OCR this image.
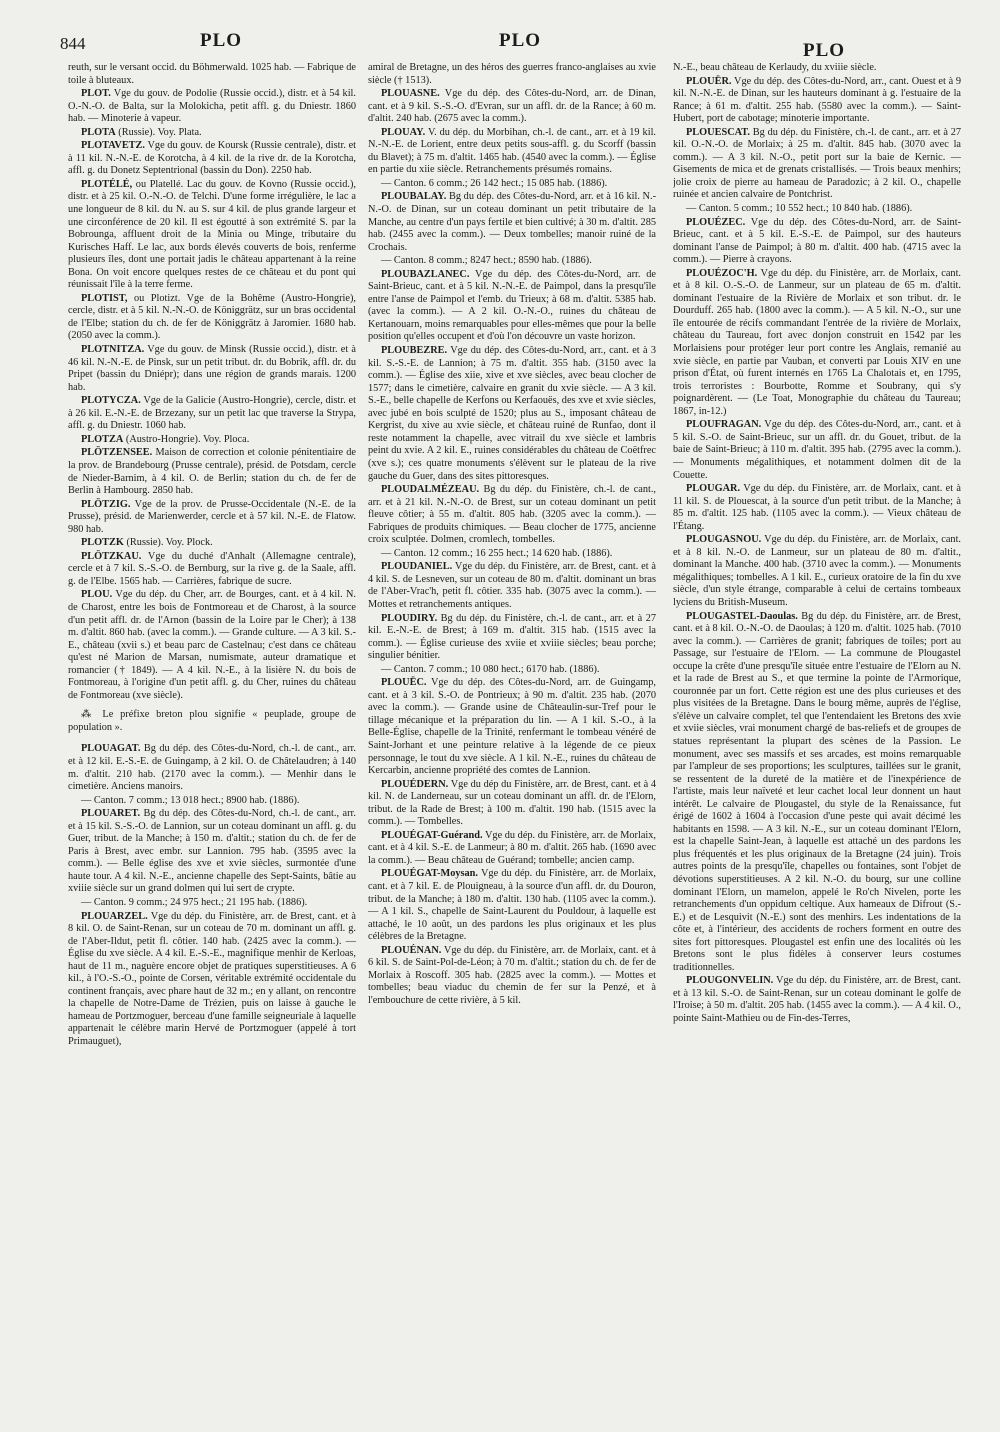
844	PLO	PLO	PLO

reuth, sur le versant occid. du Böhmerwald. 1025 hab. — Fabrique de toile à bluteaux.

PLOT. Vge du gouv. de Podolie (Russie occid.), distr. et à 54 kil. O.-N.-O. de Balta, sur la Molokicha, petit affl. g. du Dniestr. 1860 hab. — Minoterie à vapeur.

PLOTA (Russie). Voy. Plata.

PLOTAVETZ. Vge du gouv. de Koursk (Russie centrale), distr. et à 11 kil. N.-N.-E. de Korotcha, à 4 kil. de la rive dr. de la Korotcha, affl. g. du Donetz Septentrional (bassin du Don). 2250 hab.

PLOTÉLÉ, ou Platellé. Lac du gouv. de Kovno (Russie occid.), distr. et à 25 kil. O.-N.-O. de Telchi. D'une forme irrégulière, le lac a une longueur de 8 kil. du N. au S. sur 4 kil. de plus grande largeur et une circonférence de 20 kil. Il est égoutté à son extrémité S. par la Bobrounga, affluent droit de la Minia ou Minge, tributaire du Kurisches Haff. Le lac, aux bords élevés couverts de bois, renferme plusieurs îles, dont une portait jadis le château appartenant à la reine Bona. On voit encore quelques restes de ce château et du pont qui réunissait l'île à la terre ferme.

PLOTIST, ou Plotizt. Vge de la Bohême (Austro-Hongrie), cercle, distr. et à 5 kil. N.-N.-O. de Königgrätz, sur un bras occidental de l'Elbe; station du ch. de fer de Königgrätz à Jaromier. 1680 hab. (2050 avec la comm.).

PLOTNITZA. Vge du gouv. de Minsk (Russie occid.), distr. et à 46 kil. N.-N.-E. de Pinsk, sur un petit tribut. dr. du Bobrik, affl. dr. du Pripet (bassin du Dniépr); dans une région de grands marais. 1200 hab.

PLOTYCZA. Vge de la Galicie (Austro-Hongrie), cercle, distr. et à 26 kil. E.-N.-E. de Brzezany, sur un petit lac que traverse la Strypa, affl. g. du Dniestr. 1060 hab.

PLOTZA (Austro-Hongrie). Voy. Ploca.

PLÖTZENSEE. Maison de correction et colonie pénitentiaire de la prov. de Brandebourg (Prusse centrale), présid. de Potsdam, cercle de Nieder-Barnim, à 4 kil. O. de Berlin; station du ch. de fer de Berlin à Hambourg. 2850 hab.

PLÖTZIG. Vge de la prov. de Prusse-Occidentale (N.-E. de la Prusse), présid. de Marienwerder, cercle et à 57 kil. N.-E. de Flatow. 980 hab.

PLOTZK (Russie). Voy. Plock.

PLÖTZKAU. Vge du duché d'Anhalt (Allemagne centrale), cercle et à 7 kil. S.-S.-O. de Bernburg, sur la rive g. de la Saale, affl. g. de l'Elbe. 1565 hab. — Carrières, fabrique de sucre.

PLOU. Vge du dép. du Cher, arr. de Bourges, cant. et à 4 kil. N. de Charost, entre les bois de Fontmoreau et de Charost, à la source d'un petit affl. dr. de l'Arnon (bassin de la Loire par le Cher); à 138 m. d'altit. 860 hab. (avec la comm.). — Grande culture. — A 3 kil. S.-E., château (xvii s.) et beau parc de Castelnau; c'est dans ce château qu'est né Marion de Marsan, numismate, auteur dramatique et romancier († 1849). — A 4 kil. N.-E., à la lisière N. du bois de Fontmoreau, à l'origine d'un petit affl. g. du Cher, ruines du château de Fontmoreau (xve siècle).

⁂ Le préfixe breton plou signifie « peuplade, groupe de population ».

PLOUAGAT. Bg du dép. des Côtes-du-Nord, ch.-l. de cant., arr. et à 12 kil. E.-S.-E. de Guingamp, à 2 kil. O. de Châtelaudren; à 140 m. d'altit. 210 hab. (2170 avec la comm.). — Menhir dans le cimetière. Anciens manoirs.

— Canton. 7 comm.; 13 018 hect.; 8900 hab. (1886).

PLOUARET. Bg du dép. des Côtes-du-Nord, ch.-l. de cant., arr. et à 15 kil. S.-S.-O. de Lannion, sur un coteau dominant un affl. g. du Guer, tribut. de la Manche; à 150 m. d'altit.; station du ch. de fer de Paris à Brest, avec embr. sur Lannion. 795 hab. (3595 avec la comm.). — Belle église des xve et xvie siècles, surmontée d'une haute tour. A 4 kil. N.-E., ancienne chapelle des Sept-Saints, bâtie au xviiie siècle sur un grand dolmen qui lui sert de crypte.

— Canton. 9 comm.; 24 975 hect.; 21 195 hab. (1886).

PLOUARZEL. Vge du dép. du Finistère, arr. de Brest, cant. et à 8 kil. O. de Saint-Renan, sur un coteau de 70 m. dominant un affl. g. de l'Aber-Ildut, petit fl. côtier. 140 hab. (2425 avec la comm.). — Église du xve siècle. A 4 kil. E.-S.-E., magnifique menhir de Kerloas, haut de 11 m., naguère encore objet de pratiques superstitieuses. A 6 kil., à l'O.-S.-O., pointe de Corsen, véritable extrémité occidentale du continent français, avec phare haut de 32 m.; en y allant, on rencontre la chapelle de Notre-Dame de Trézien, puis on laisse à gauche le hameau de Portzmoguer, berceau d'une famille seigneuriale à laquelle appartenait le célèbre marin Hervé de Portzmoguer (appelé à tort Primauguet),

amiral de Bretagne, un des héros des guerres franco-anglaises au xvie siècle († 1513).

PLOUASNE. Vge du dép. des Côtes-du-Nord, arr. de Dinan, cant. et à 9 kil. S.-S.-O. d'Evran, sur un affl. dr. de la Rance; à 60 m. d'altit. 240 hab. (2675 avec la comm.).

PLOUAY. V. du dép. du Morbihan, ch.-l. de cant., arr. et à 19 kil. N.-N.-E. de Lorient, entre deux petits sous-affl. g. du Scorff (bassin du Blavet); à 75 m. d'altit. 1465 hab. (4540 avec la comm.). — Église en partie du xiie siècle. Retranchements présumés romains.

— Canton. 6 comm.; 26 142 hect.; 15 085 hab. (1886).

PLOUBALAY. Bg du dép. des Côtes-du-Nord, arr. et à 16 kil. N.-N.-O. de Dinan, sur un coteau dominant un petit tributaire de la Manche, au centre d'un pays fertile et bien cultivé; à 30 m. d'altit. 285 hab. (2455 avec la comm.). — Deux tombelles; manoir ruiné de la Crochais.

— Canton. 8 comm.; 8247 hect.; 8590 hab. (1886).

PLOUBAZLANEC. Vge du dép. des Côtes-du-Nord, arr. de Saint-Brieuc, cant. et à 5 kil. N.-N.-E. de Paimpol, dans la presqu'île entre l'anse de Paimpol et l'emb. du Trieux; à 68 m. d'altit. 5385 hab. (avec la comm.). — A 2 kil. O.-N.-O., ruines du château de Kertanouarn, moins remarquables pour elles-mêmes que pour la belle position qu'elles occupent et d'où l'on découvre un vaste horizon.

PLOUBEZRE. Vge du dép. des Côtes-du-Nord, arr., cant. et à 3 kil. S.-S.-E. de Lannion; à 75 m. d'altit. 355 hab. (3150 avec la comm.). — Église des xiie, xive et xve siècles, avec beau clocher de 1577; dans le cimetière, calvaire en granit du xvie siècle. — A 3 kil. S.-E., belle chapelle de Kerfons ou Kerfaouës, des xve et xvie siècles, avec jubé en bois sculpté de 1520; plus au S., imposant château de Kergrist, du xive au xvie siècle, et château ruiné de Runfao, dont il reste notamment la chapelle, avec vitrail du xve siècle et lambris peint du xvie. A 2 kil. E., ruines considérables du château de Coëtfrec (xve s.); ces quatre monuments s'élèvent sur le plateau de la rive gauche du Guer, dans des sites pittoresques.

PLOUDALMÉZEAU. Bg du dép. du Finistère, ch.-l. de cant., arr. et à 21 kil. N.-N.-O. de Brest, sur un coteau dominant un petit fleuve côtier; à 55 m. d'altit. 805 hab. (3205 avec la comm.). — Fabriques de produits chimiques. — Beau clocher de 1775, ancienne croix sculptée. Dolmen, cromlech, tombelles.

— Canton. 12 comm.; 16 255 hect.; 14 620 hab. (1886).

PLOUDANIEL. Vge du dép. du Finistère, arr. de Brest, cant. et à 4 kil. S. de Lesneven, sur un coteau de 80 m. d'altit. dominant un bras de l'Aber-Vrac'h, petit fl. côtier. 335 hab. (3075 avec la comm.). — Mottes et retranchements antiques.

PLOUDIRY. Bg du dép. du Finistère, ch.-l. de cant., arr. et à 27 kil. E.-N.-E. de Brest; à 169 m. d'altit. 315 hab. (1515 avec la comm.). — Église curieuse des xviie et xviiie siècles; beau porche; singulier bénitier.

— Canton. 7 comm.; 10 080 hect.; 6170 hab. (1886).

PLOUËC. Vge du dép. des Côtes-du-Nord, arr. de Guingamp, cant. et à 3 kil. S.-O. de Pontrieux; à 90 m. d'altit. 235 hab. (2070 avec la comm.). — Grande usine de Châteaulin-sur-Tref pour le tillage mécanique et la préparation du lin. — A 1 kil. S.-O., à la Belle-Église, chapelle de la Trinité, renfermant le tombeau vénéré de Saint-Jorhant et une peinture relative à la légende de ce pieux personnage, le tout du xve siècle. A 1 kil. N.-E., ruines du château de Kercarbin, ancienne propriété des comtes de Lannion.

PLOUÉDERN. Vge du dép du Finistère, arr. de Brest, cant. et à 4 kil. N. de Landerneau, sur un coteau dominant un affl. dr. de l'Elorn, tribut. de la Rade de Brest; à 100 m. d'altit. 190 hab. (1515 avec la comm.). — Tombelles.

PLOUÉGAT-Guérand. Vge du dép. du Finistère, arr. de Morlaix, cant. et à 4 kil. S.-E. de Lanmeur; à 80 m. d'altit. 265 hab. (1690 avec la comm.). — Beau château de Guérand; tombelle; ancien camp.

PLOUÉGAT-Moysan. Vge du dép. du Finistère, arr. de Morlaix, cant. et à 7 kil. E. de Plouigneau, à la source d'un affl. dr. du Douron, tribut. de la Manche; à 180 m. d'altit. 130 hab. (1105 avec la comm.). — A 1 kil. S., chapelle de Saint-Laurent du Pouldour, à laquelle est attaché, le 10 août, un des pardons les plus originaux et les plus célèbres de la Bretagne.

PLOUÉNAN. Vge du dép. du Finistère, arr. de Morlaix, cant. et à 6 kil. S. de Saint-Pol-de-Léon; à 70 m. d'altit.; station du ch. de fer de Morlaix à Roscoff. 305 hab. (2825 avec la comm.). — Mottes et tombelles; beau viaduc du chemin de fer sur la Penzé, et à l'embouchure de cette rivière, à 5 kil.

N.-E., beau château de Kerlaudy, du xviiie siècle.

PLOUËR. Vge du dép. des Côtes-du-Nord, arr., cant. Ouest et à 9 kil. N.-N.-E. de Dinan, sur les hauteurs dominant à g. l'estuaire de la Rance; à 61 m. d'altit. 255 hab. (5580 avec la comm.). — Saint-Hubert, port de cabotage; minoterie importante.

PLOUESCAT. Bg du dép. du Finistère, ch.-l. de cant., arr. et à 27 kil. O.-N.-O. de Morlaix; à 25 m. d'altit. 845 hab. (3070 avec la comm.). — A 3 kil. N.-O., petit port sur la baie de Kernic. — Gisements de mica et de grenats cristallisés. — Trois beaux menhirs; jolie croix de pierre au hameau de Paradozic; à 2 kil. O., chapelle ruinée et ancien calvaire de Pontchrist.

— Canton. 5 comm.; 10 552 hect.; 10 840 hab. (1886).

PLOUÉZEC. Vge du dép. des Côtes-du-Nord, arr. de Saint-Brieuc, cant. et à 5 kil. E.-S.-E. de Paimpol, sur des hauteurs dominant l'anse de Paimpol; à 80 m. d'altit. 400 hab. (4715 avec la comm.). — Pierre à crayons.

PLOUÉZOC'H. Vge du dép. du Finistère, arr. de Morlaix, cant. et à 8 kil. O.-S.-O. de Lanmeur, sur un plateau de 65 m. d'altit. dominant l'estuaire de la Rivière de Morlaix et son tribut. dr. le Dourduff. 265 hab. (1800 avec la comm.). — A 5 kil. N.-O., sur une île entourée de récifs commandant l'entrée de la rivière de Morlaix, château du Taureau, fort avec donjon construit en 1542 par les Morlaisiens pour protéger leur port contre les Anglais, remanié au xvie siècle, en partie par Vauban, et converti par Louis XIV en une prison d'État, où furent internés en 1765 La Chalotais et, en 1795, trois terroristes : Bourbotte, Romme et Soubrany, qui s'y poignardèrent. — (Le Toat, Monographie du château du Taureau; 1867, in-12.)

PLOUFRAGAN. Vge du dép. des Côtes-du-Nord, arr., cant. et à 5 kil. S.-O. de Saint-Brieuc, sur un affl. dr. du Gouet, tribut. de la baie de Saint-Brieuc; à 110 m. d'altit. 395 hab. (2795 avec la comm.). — Monuments mégalithiques, et notamment dolmen dit de la Couette.

PLOUGAR. Vge du dép. du Finistère, arr. de Morlaix, cant. et à 11 kil. S. de Plouescat, à la source d'un petit tribut. de la Manche; à 85 m. d'altit. 125 hab. (1105 avec la comm.). — Vieux château de l'Étang.

PLOUGASNOU. Vge du dép. du Finistère, arr. de Morlaix, cant. et à 8 kil. N.-O. de Lanmeur, sur un plateau de 80 m. d'altit., dominant la Manche. 400 hab. (3710 avec la comm.). — Monuments mégalithiques; tombelles. A 1 kil. E., curieux oratoire de la fin du xve siècle, d'un style étrange, comparable à celui de certains tombeaux lyciens du British-Museum.

PLOUGASTEL-Daoulas. Bg du dép. du Finistère, arr. de Brest, cant. et à 8 kil. O.-N.-O. de Daoulas; à 120 m. d'altit. 1025 hab. (7010 avec la comm.). — Carrières de granit; fabriques de toiles; port au Passage, sur l'estuaire de l'Elorn. — La commune de Plougastel occupe la crête d'une presqu'île située entre l'estuaire de l'Elorn au N. et la rade de Brest au S., et que termine la pointe de l'Armorique, couronnée par un fort. Cette région est une des plus curieuses et des plus visitées de la Bretagne. Dans le bourg même, auprès de l'église, s'élève un calvaire complet, tel que l'entendaient les Bretons des xvie et xviie siècles, vrai monument chargé de bas-reliefs et de groupes de statues représentant la plupart des scènes de la Passion. Le monument, avec ses massifs et ses arcades, est moins remarquable par l'ampleur de ses proportions; les sculptures, taillées sur le granit, se ressentent de la dureté de la matière et de l'inexpérience de l'artiste, mais leur naïveté et leur cachet local leur donnent un haut intérêt. Le calvaire de Plougastel, du style de la Renaissance, fut érigé de 1602 à 1604 à l'occasion d'une peste qui avait décimé les habitants en 1598. — A 3 kil. N.-E., sur un coteau dominant l'Elorn, est la chapelle Saint-Jean, à laquelle est attaché un des pardons les plus fréquentés et les plus originaux de la Bretagne (24 juin). Trois autres points de la presqu'île, chapelles ou fontaines, sont l'objet de dévotions superstitieuses. A 2 kil. N.-O. du bourg, sur une colline dominant l'Elorn, un mamelon, appelé le Ro'ch Nivelen, porte les retranchements d'un oppidum celtique. Aux hameaux de Difrout (S.-E.) et de Lesquivit (N.-E.) sont des menhirs. Les indentations de la côte et, à l'intérieur, des accidents de rochers forment en outre des sites fort pittoresques. Plougastel est enfin une des localités où les Bretons sont le plus fidèles à conserver leurs costumes traditionnelles.

PLOUGONVELIN. Vge du dép. du Finistère, arr. de Brest, cant. et à 13 kil. S.-O. de Saint-Renan, sur un coteau dominant le golfe de l'Iroise; à 50 m. d'altit. 205 hab. (1455 avec la comm.). — A 4 kil. O., pointe Saint-Mathieu ou de Fin-des-Terres,
